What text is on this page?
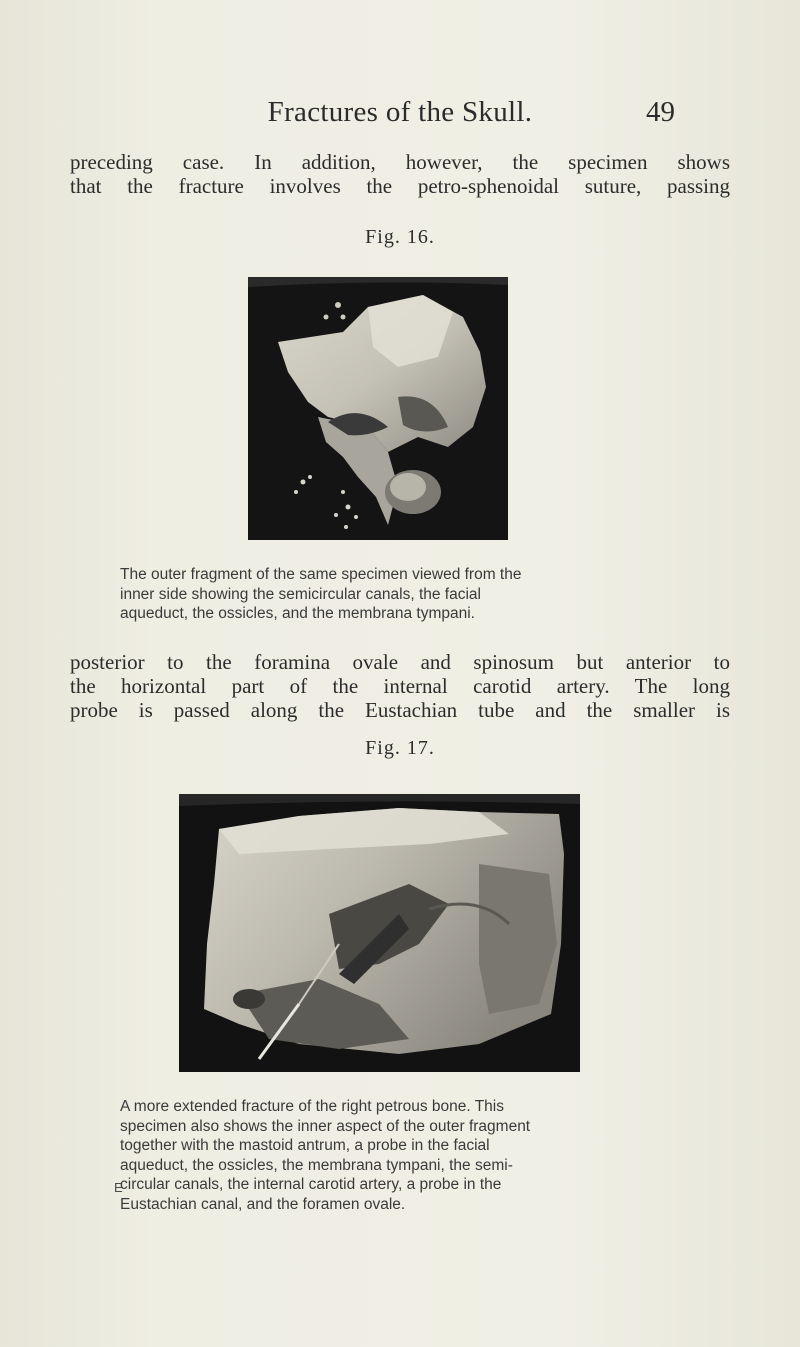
Fractures of the Skull.	49
preceding case. In addition, however, the specimen shows
that the fracture involves the petro-sphenoidal suture, passing
Fig. 16.
The outer fragment of the same specimen viewed from the
inner side showing the semicircular canals, the facial
aqueduct, the ossicles, and the membrana tympani.
posterior to the foramina ovale and spinosum but anterior to
the horizontal part of the internal carotid artery. The long
probe is passed along the Eustachian tube and the smaller is
Fig. 17.
A more extended fracture of the right petrous bone. This
specimen also shows the inner aspect of the outer fragment
together with the mastoid antrum, a probe in the facial
aqueduct, the ossicles, the membrana tympani, the semi-
circular canals, the internal carotid artery, a probe in the
Eustachian canal, and the foramen ovale.
E
